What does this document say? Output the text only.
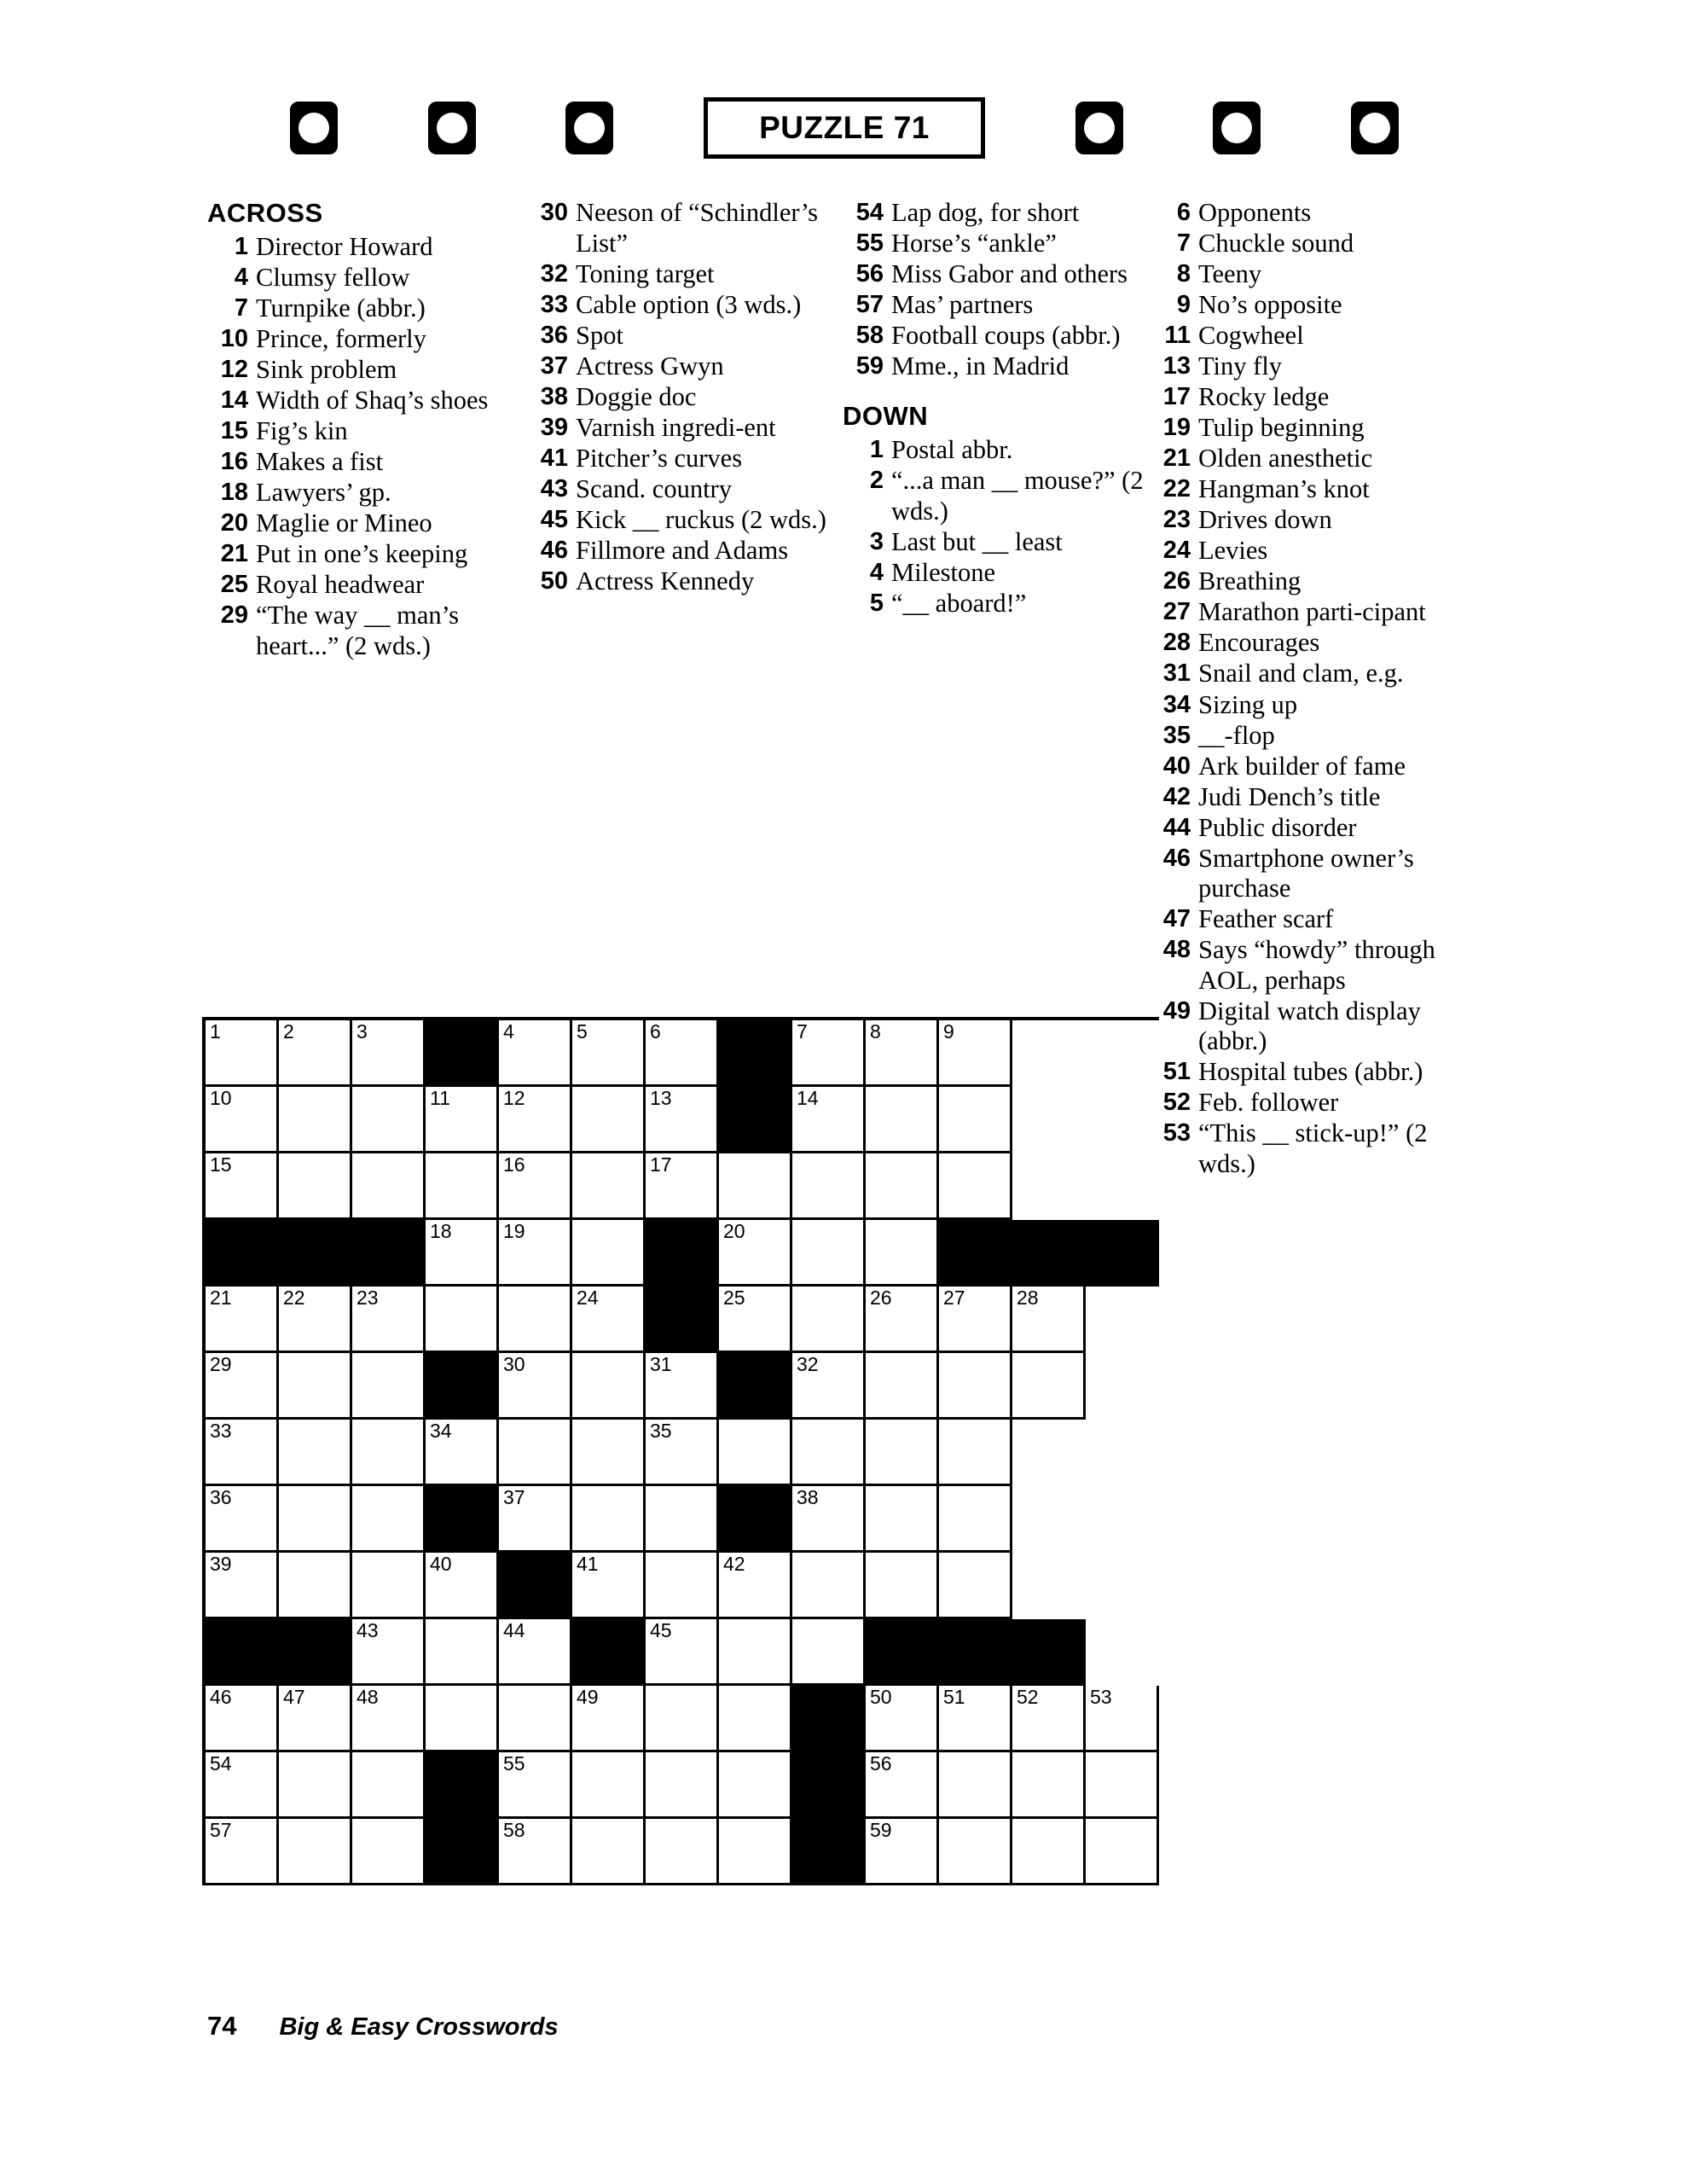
PUZZLE 71
ACROSS
1 Director Howard
4 Clumsy fellow
7 Turnpike (abbr.)
10 Prince, formerly
12 Sink problem
14 Width of Shaq’s shoes
15 Fig’s kin
16 Makes a fist
18 Lawyers’ gp.
20 Maglie or Mineo
21 Put in one’s keeping
25 Royal headwear
29 “The way __ man’s heart...” (2 wds.)
30 Neeson of “Schindler’s List”
32 Toning target
33 Cable option (3 wds.)
36 Spot
37 Actress Gwyn
38 Doggie doc
39 Varnish ingredi-ent
41 Pitcher’s curves
43 Scand. country
45 Kick __ ruckus (2 wds.)
46 Fillmore and Adams
50 Actress Kennedy
54 Lap dog, for short
55 Horse’s “ankle”
56 Miss Gabor and others
57 Mas’ partners
58 Football coups (abbr.)
59 Mme., in Madrid
DOWN
1 Postal abbr.
2 “...a man __ mouse?” (2 wds.)
3 Last but __ least
4 Milestone
5 “__ aboard!”
6 Opponents
7 Chuckle sound
8 Teeny
9 No’s opposite
11 Cogwheel
13 Tiny fly
17 Rocky ledge
19 Tulip beginning
21 Olden anesthetic
22 Hangman’s knot
23 Drives down
24 Levies
26 Breathing
27 Marathon parti-cipant
28 Encourages
31 Snail and clam, e.g.
34 Sizing up
35 __-flop
40 Ark builder of fame
42 Judi Dench’s title
44 Public disorder
46 Smartphone owner’s purchase
47 Feather scarf
48 Says “howdy” through AOL, perhaps
49 Digital watch display (abbr.)
51 Hospital tubes (abbr.)
52 Feb. follower
53 “This __ stick-up!” (2 wds.)
1	2	3	4	5	6	7	8	9
10	11	12	13	14
15	16	17
18	19	20
21	22	23	24	25	26	27	28
29	30	31	32
33	34	35
36	37	38
39	40	41	42
43	44	45
46	47	48	49	50	51	52	53
54	55	56
57	58	59
74 Big & Easy Crosswords
